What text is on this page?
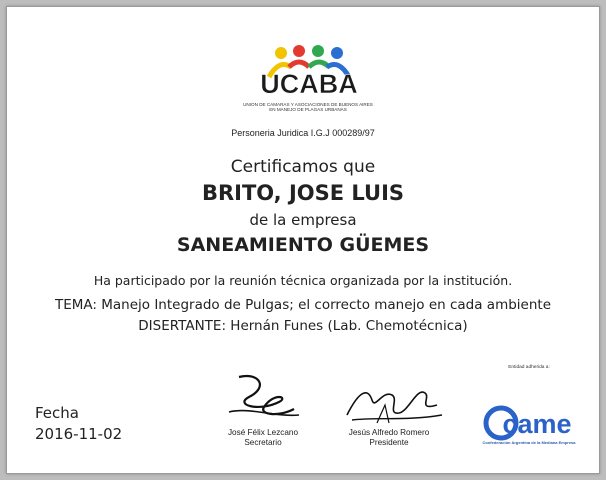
UCABA
UNION DE CAMARAS Y ASOCIACIONES DE BUENOS AIRES
EN MANEJO DE PLAGAS URBANAS
Personeria Juridica I.G.J 000289/97
Certificamos que
BRITO, JOSE LUIS
de la empresa
SANEAMIENTO GÜEMES
Ha participado por la reunión técnica organizada por la institución.
TEMA: Manejo Integrado de Pulgas; el correcto manejo en cada ambiente
DISERTANTE: Hernán Funes (Lab. Chemotécnica)
Fecha
2016-11-02	José Félix Lezcano
Secretario
Jesús Alfredo Romero
Presidente
Entidad adherida a:
came
Confederación Argentina de la Mediana Empresa
